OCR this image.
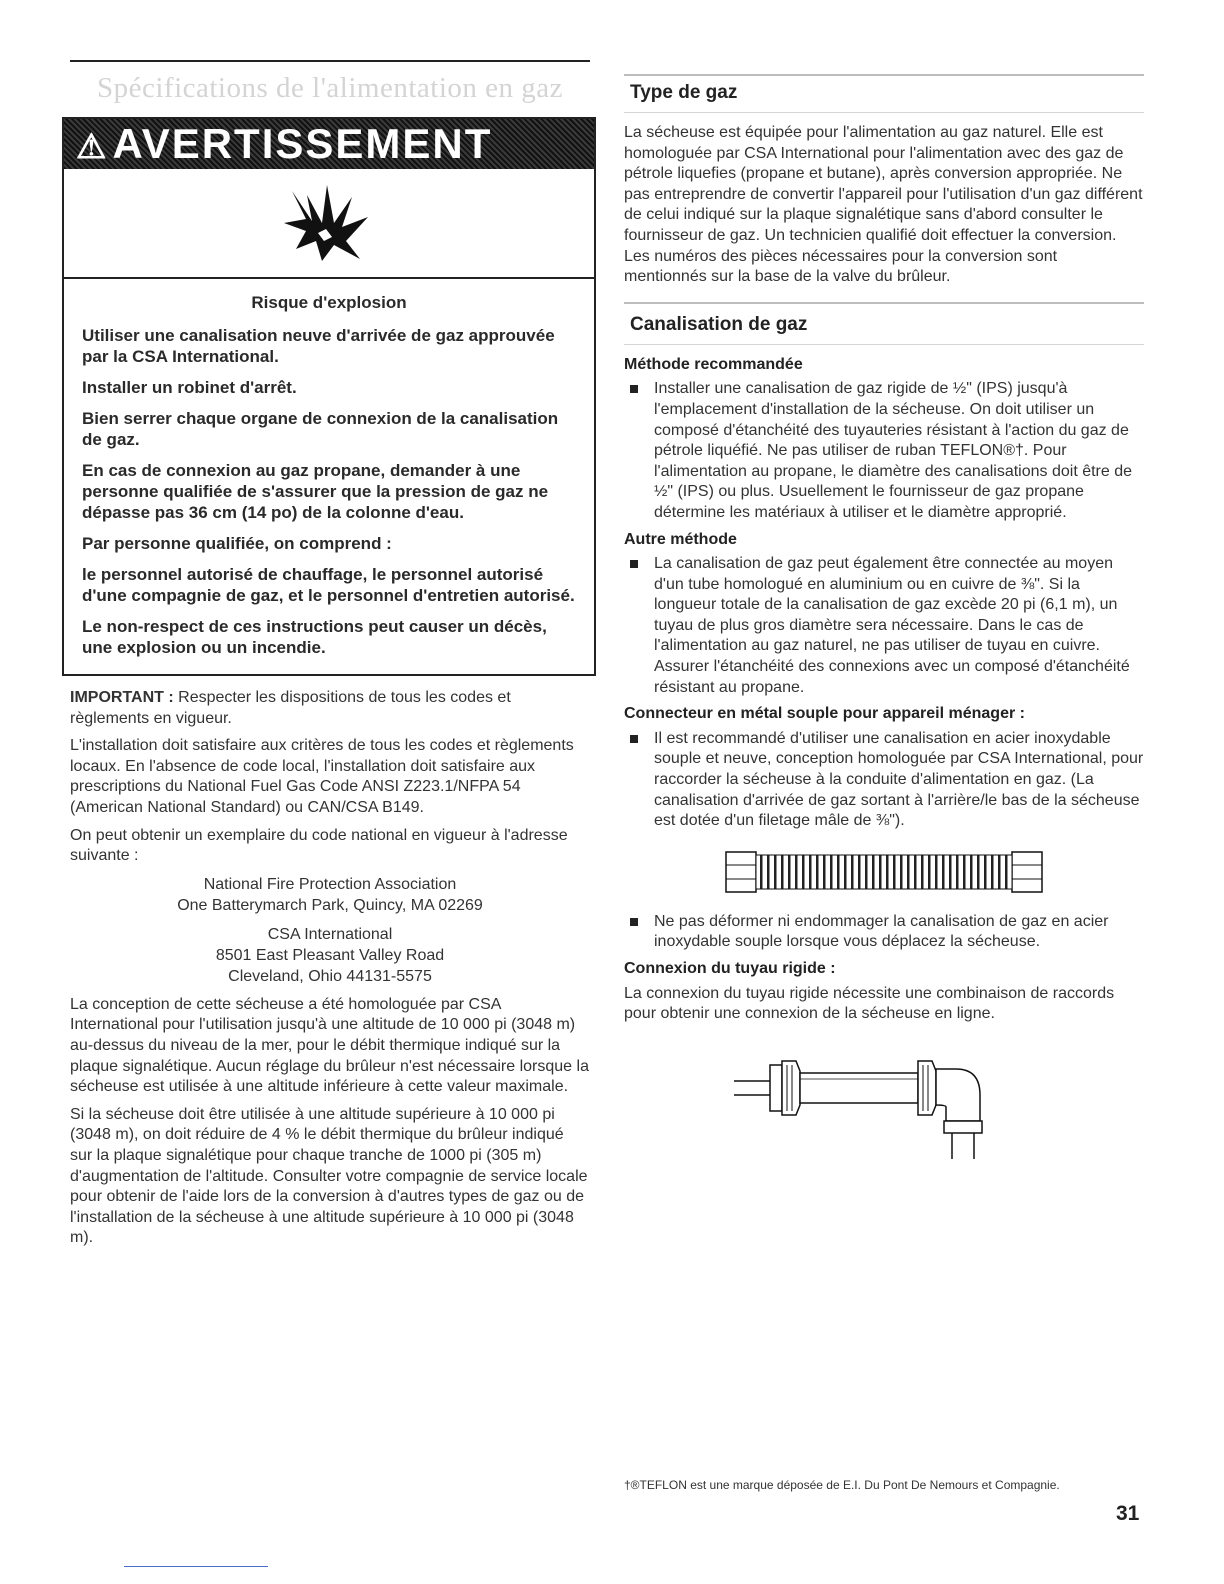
Spécifications de l'alimentation en gaz
⚠AVERTISSEMENT
Risque d'explosion
Utiliser une canalisation neuve d'arrivée de gaz approuvée par la CSA International.
Installer un robinet d'arrêt.
Bien serrer chaque organe de connexion de la canalisation de gaz.
En cas de connexion au gaz propane, demander à une personne qualifiée de s'assurer que la pression de gaz ne dépasse pas 36 cm (14 po) de la colonne d'eau.
Par personne qualifiée, on comprend :
le personnel autorisé de chauffage, le personnel autorisé d'une compagnie de gaz, et le personnel d'entretien autorisé.
Le non-respect de ces instructions peut causer un décès, une explosion ou un incendie.

IMPORTANT : Respecter les dispositions de tous les codes et règlements en vigueur.

L'installation doit satisfaire aux critères de tous les codes et règlements locaux. En l'absence de code local, l'installation doit satisfaire aux prescriptions du National Fuel Gas Code ANSI Z223.1/NFPA 54 (American National Standard) ou CAN/CSA B149.

On peut obtenir un exemplaire du code national en vigueur à l'adresse suivante :

National Fire Protection Association
One Batterymarch Park, Quincy, MA 02269
CSA International
8501 East Pleasant Valley Road
Cleveland, Ohio 44131-5575

La conception de cette sécheuse a été homologuée par CSA International pour l'utilisation jusqu'à une altitude de 10 000 pi (3048 m) au-dessus du niveau de la mer, pour le débit thermique indiqué sur la plaque signalétique. Aucun réglage du brûleur n'est nécessaire lorsque la sécheuse est utilisée à une altitude inférieure à cette valeur maximale.

Si la sécheuse doit être utilisée à une altitude supérieure à 10 000 pi (3048 m), on doit réduire de 4 % le débit thermique du brûleur indiqué sur la plaque signalétique pour chaque tranche de 1000 pi (305 m) d'augmentation de l'altitude. Consulter votre compagnie de service locale pour obtenir de l'aide lors de la conversion à d'autres types de gaz ou de l'installation de la sécheuse à une altitude supérieure à 10 000 pi (3048 m).

Type de gaz

La sécheuse est équipée pour l'alimentation au gaz naturel. Elle est homologuée par CSA International pour l'alimentation avec des gaz de pétrole liquefies (propane et butane), après conversion appropriée. Ne pas entreprendre de convertir l'appareil pour l'utilisation d'un gaz différent de celui indiqué sur la plaque signalétique sans d'abord consulter le fournisseur de gaz. Un technicien qualifié doit effectuer la conversion. Les numéros des pièces nécessaires pour la conversion sont mentionnés sur la base de la valve du brûleur.

Canalisation de gaz
Méthode recommandée
Installer une canalisation de gaz rigide de ½" (IPS) jusqu'à l'emplacement d'installation de la sécheuse. On doit utiliser un composé d'étanchéité des tuyauteries résistant à l'action du gaz de pétrole liquéfié. Ne pas utiliser de ruban TEFLON®†. Pour l'alimentation au propane, le diamètre des canalisations doit être de ½" (IPS) ou plus. Usuellement le fournisseur de gaz propane détermine les matériaux à utiliser et le diamètre approprié.
Autre méthode
La canalisation de gaz peut également être connectée au moyen d'un tube homologué en aluminium ou en cuivre de ⅜". Si la longueur totale de la canalisation de gaz excède 20 pi (6,1 m), un tuyau de plus gros diamètre sera nécessaire. Dans le cas de l'alimentation au gaz naturel, ne pas utiliser de tuyau en cuivre. Assurer l'étanchéité des connexions avec un composé d'étanchéité résistant au propane.
Connecteur en métal souple pour appareil ménager :
Il est recommandé d'utiliser une canalisation en acier inoxydable souple et neuve, conception homologuée par CSA International, pour raccorder la sécheuse à la conduite d'alimentation en gaz. (La canalisation d'arrivée de gaz sortant à l'arrière/le bas de la sécheuse est dotée d'un filetage mâle de ⅜").
Ne pas déformer ni endommager la canalisation de gaz en acier inoxydable souple lorsque vous déplacez la sécheuse.
Connexion du tuyau rigide :

La connexion du tuyau rigide nécessite une combinaison de raccords pour obtenir une connexion de la sécheuse en ligne.

†®TEFLON est une marque déposée de E.I. Du Pont De Nemours et Compagnie.
31
